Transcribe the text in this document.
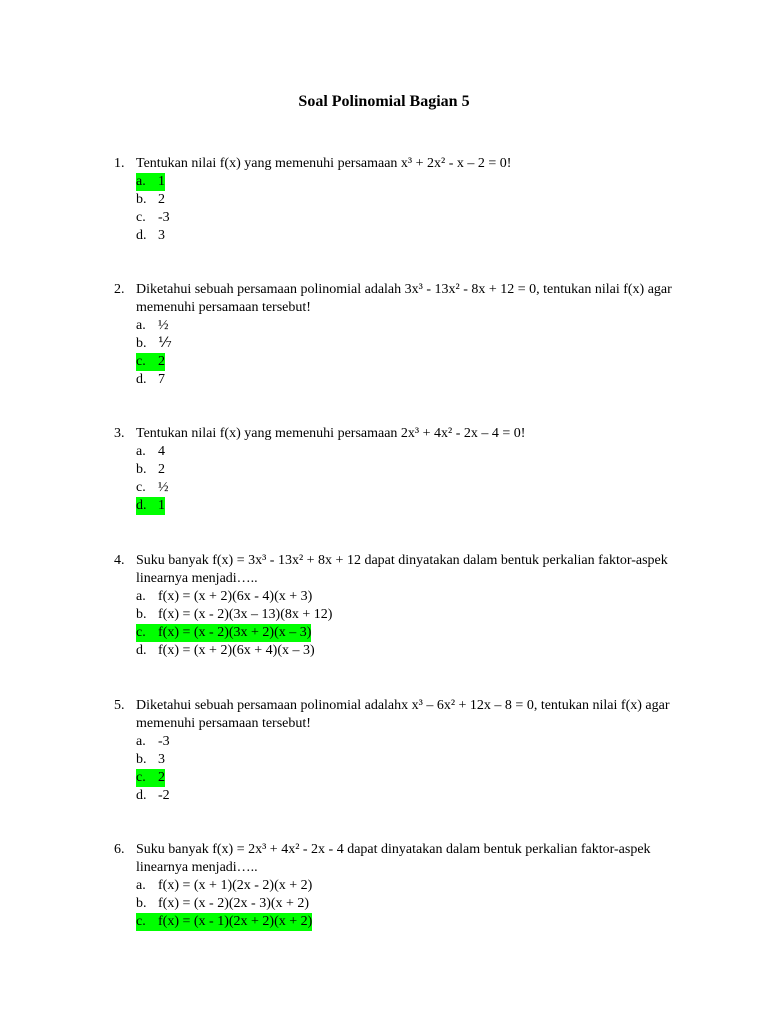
Soal Polinomial Bagian 5
1. Tentukan nilai f(x) yang memenuhi persamaan x³ + 2x² - x – 2 = 0!
a. 1
b. 2
c. -3
d. 3
2. Diketahui sebuah persamaan polinomial adalah 3x³ - 13x² - 8x + 12 = 0, tentukan nilai f(x) agar memenuhi persamaan tersebut!
a. ½
b. ⅐
c. 2
d. 7
3. Tentukan nilai f(x) yang memenuhi persamaan 2x³ + 4x² - 2x – 4 = 0!
a. 4
b. 2
c. ½
d. 1
4. Suku banyak f(x) = 3x³ - 13x² + 8x + 12 dapat dinyatakan dalam bentuk perkalian faktor-aspek linearnya menjadi…..
a. f(x) = (x + 2)(6x - 4)(x + 3)
b. f(x) = (x - 2)(3x – 13)(8x + 12)
c. f(x) = (x - 2)(3x + 2)(x – 3)
d. f(x) = (x + 2)(6x + 4)(x – 3)
5. Diketahui sebuah persamaan polinomial adalahx x³ – 6x² + 12x – 8 = 0, tentukan nilai f(x) agar memenuhi persamaan tersebut!
a. -3
b. 3
c. 2
d. -2
6. Suku banyak f(x) = 2x³ + 4x² - 2x - 4 dapat dinyatakan dalam bentuk perkalian faktor-aspek linearnya menjadi…..
a. f(x) = (x + 1)(2x - 2)(x + 2)
b. f(x) = (x - 2)(2x - 3)(x + 2)
c. f(x) = (x - 1)(2x + 2)(x + 2)
